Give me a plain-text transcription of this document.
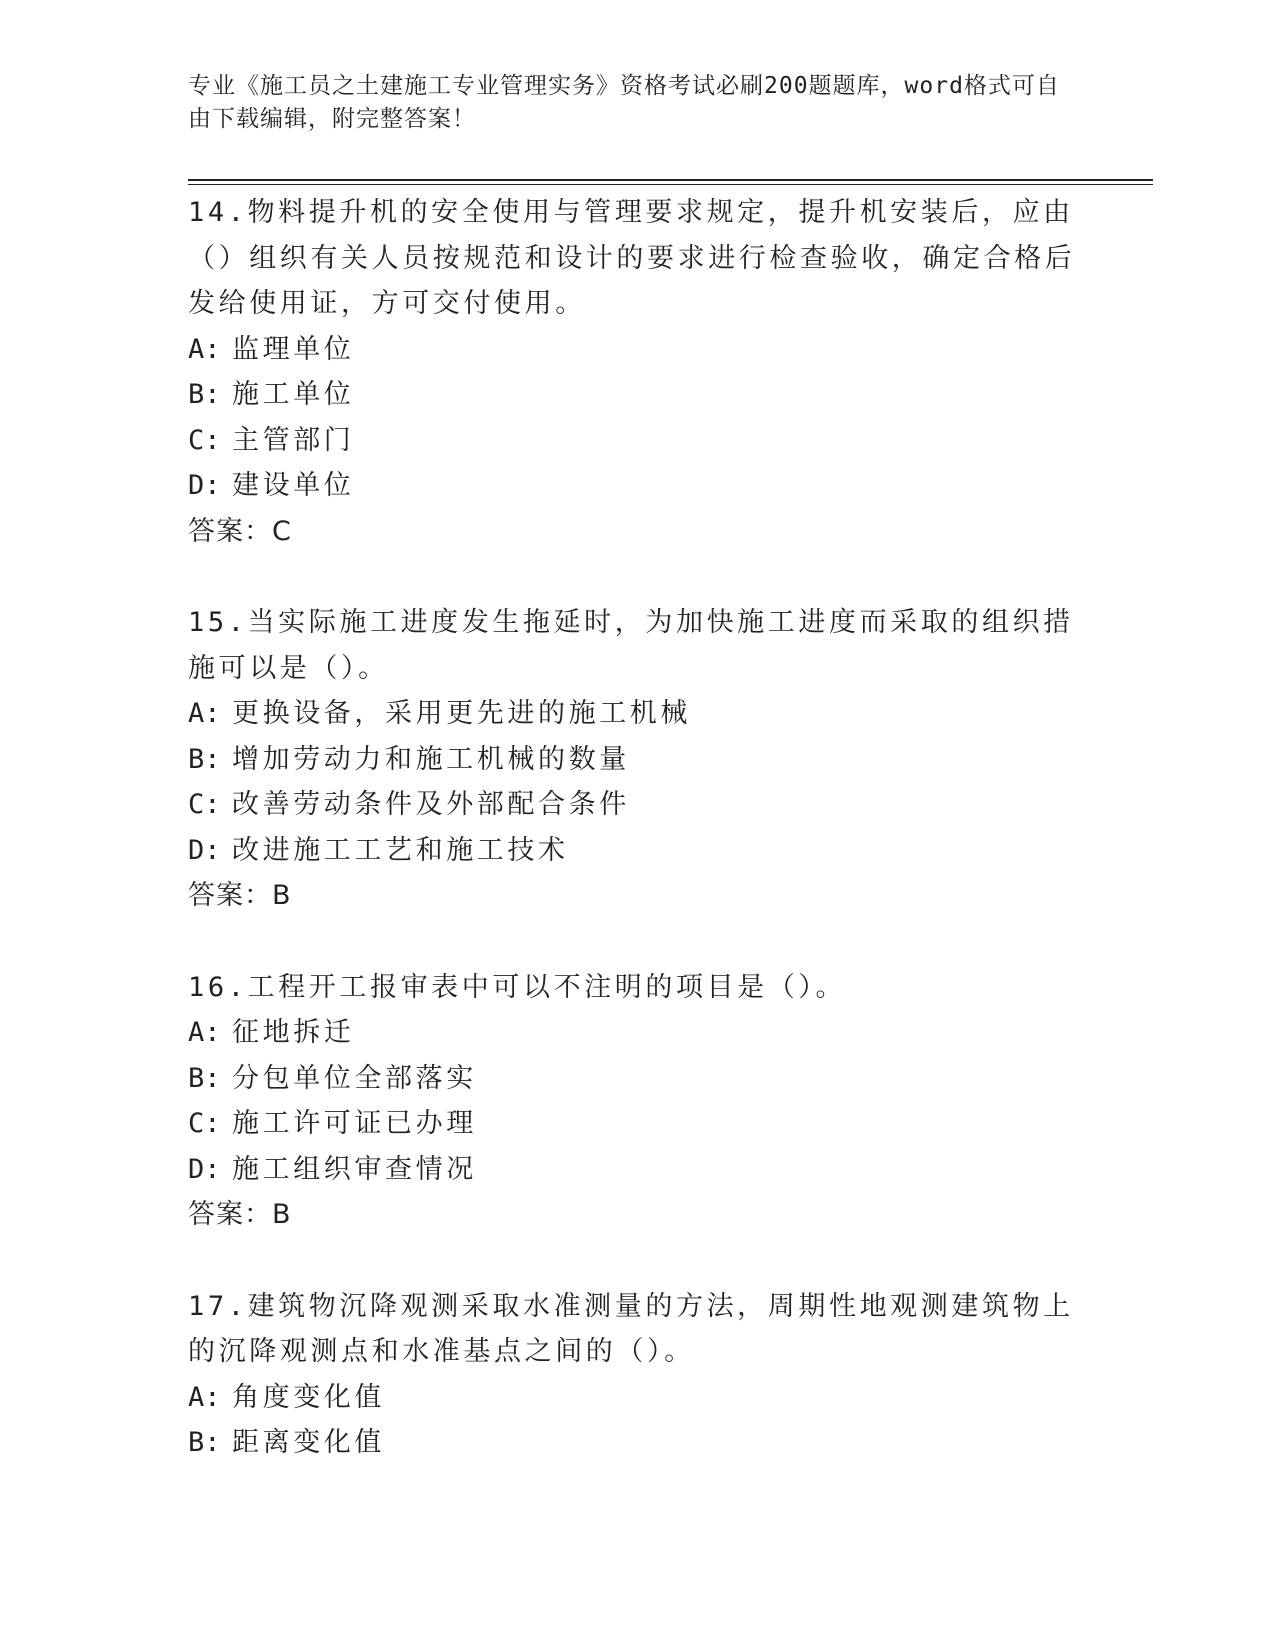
专业《施工员之土建施工专业管理实务》资格考试必刷200题题库，word格式可自由下载编辑，附完整答案！

14.物料提升机的安全使用与管理要求规定，提升机安装后，应由（）组织有关人员按规范和设计的要求进行检查验收，确定合格后发给使用证，方可交付使用。

A: 监理单位

B: 施工单位

C: 主管部门

D: 建设单位

答案：C

15.当实际施工进度发生拖延时，为加快施工进度而采取的组织措施可以是（）。

A: 更换设备，采用更先进的施工机械

B: 增加劳动力和施工机械的数量

C: 改善劳动条件及外部配合条件

D: 改进施工工艺和施工技术

答案：B

16.工程开工报审表中可以不注明的项目是（）。

A: 征地拆迁

B: 分包单位全部落实

C: 施工许可证已办理

D: 施工组织审查情况

答案：B

17.建筑物沉降观测采取水准测量的方法，周期性地观测建筑物上的沉降观测点和水准基点之间的（）。

A: 角度变化值

B: 距离变化值
